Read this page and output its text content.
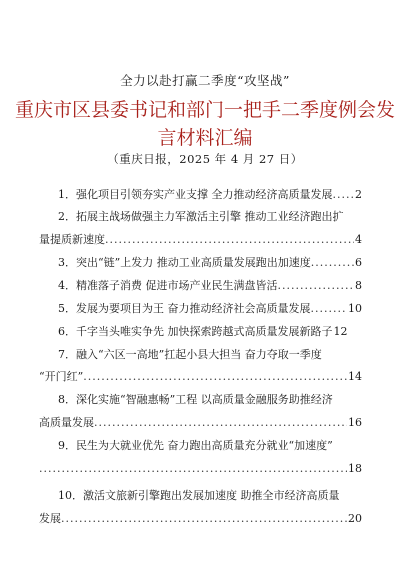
全力以赴打赢二季度“攻坚战”
重庆市区县委书记和部门一把手二季度例会发
言材料汇编
（重庆日报，2025 年 4 月 27 日）
1．强化项目引领夯实产业支撑 全力推动经济高质量发展 ..... 2
2．拓展主战场做强主力军激活主引擎 推动工业经济跑出扩
量提质新速度 .....	4
3．突出“链”上发力 推动工业高质量发展跑出加速度 .....	6
4．精准落子消费 促进市场产业民生满盘皆活 .....	8
5．发展为要项目为王 奋力推动经济社会高质量发展 .....	10
6．千字当头唯实争先 加快探索跨越式高质量发展新路子 12
7．融入“六区一高地”扛起小县大担当 奋力夺取一季度
“开门红” .....	14
8．深化实施“智融惠畅”工程 以高质量金融服务助推经济
高质量发展 .....	16
9．民生为大就业优先 奋力跑出高质量充分就业“加速度”
.....
18
10．激活文旅新引擎跑出发展加速度 助推全市经济高质量
发展 .....	20
